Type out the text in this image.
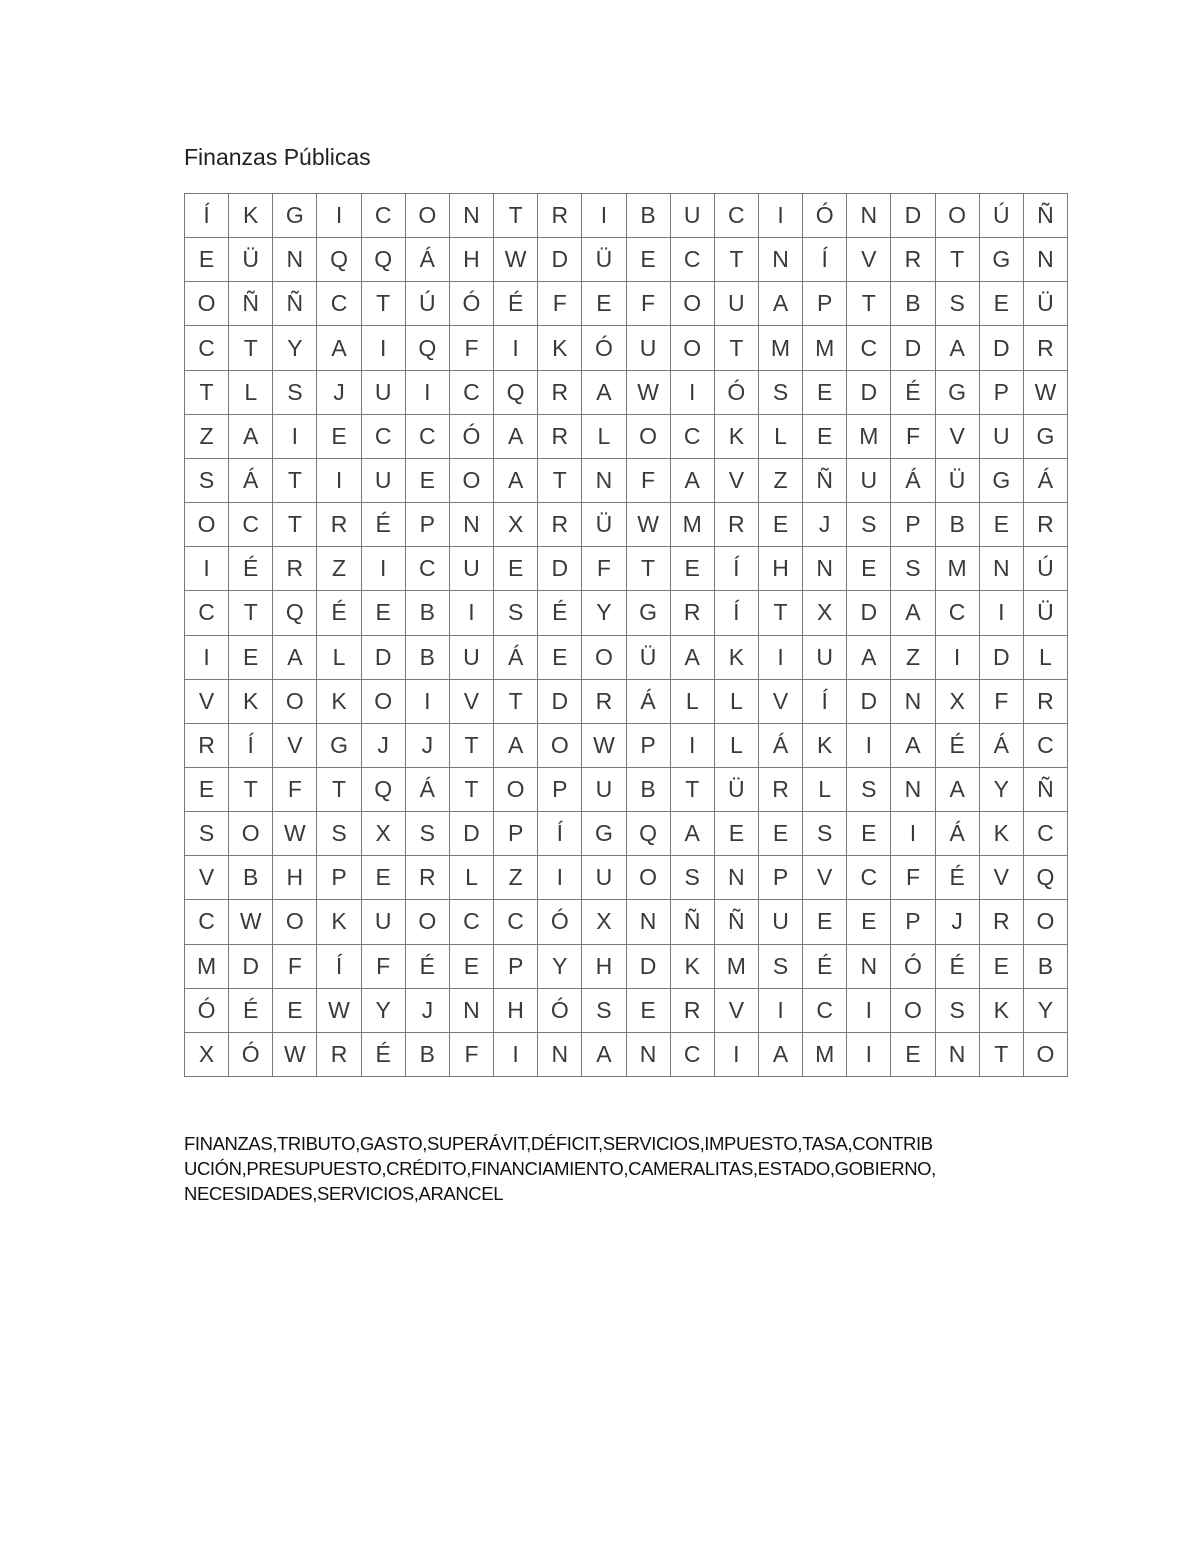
Finanzas Públicas
Í	K	G	I	C	O	N	T	R	I	B	U	C	I	Ó	N	D	O	Ú	Ñ
E	Ü	N	Q	Q	Á	H	W	D	Ü	E	C	T	N	Í	V	R	T	G	N
O	Ñ	Ñ	C	T	Ú	Ó	É	F	E	F	O	U	A	P	T	B	S	E	Ü
C	T	Y	A	I	Q	F	I	K	Ó	U	O	T	M	M	C	D	A	D	R
T	L	S	J	U	I	C	Q	R	A	W	I	Ó	S	E	D	É	G	P	W
Z	A	I	E	C	C	Ó	A	R	L	O	C	K	L	E	M	F	V	U	G
S	Á	T	I	U	E	O	A	T	N	F	A	V	Z	Ñ	U	Á	Ü	G	Á
O	C	T	R	É	P	N	X	R	Ü	W	M	R	E	J	S	P	B	E	R
I	É	R	Z	I	C	U	E	D	F	T	E	Í	H	N	E	S	M	N	Ú
C	T	Q	É	E	B	I	S	É	Y	G	R	Í	T	X	D	A	C	I	Ü
I	E	A	L	D	B	U	Á	E	O	Ü	A	K	I	U	A	Z	I	D	L
V	K	O	K	O	I	V	T	D	R	Á	L	L	V	Í	D	N	X	F	R
R	Í	V	G	J	J	T	A	O	W	P	I	L	Á	K	I	A	É	Á	C
E	T	F	T	Q	Á	T	O	P	U	B	T	Ü	R	L	S	N	A	Y	Ñ
S	O	W	S	X	S	D	P	Í	G	Q	A	E	E	S	E	I	Á	K	C
V	B	H	P	E	R	L	Z	I	U	O	S	N	P	V	C	F	É	V	Q
C	W	O	K	U	O	C	C	Ó	X	N	Ñ	Ñ	U	E	E	P	J	R	O
M	D	F	Í	F	É	E	P	Y	H	D	K	M	S	É	N	Ó	É	E	B
Ó	É	E	W	Y	J	N	H	Ó	S	E	R	V	I	C	I	O	S	K	Y
X	Ó	W	R	É	B	F	I	N	A	N	C	I	A	M	I	E	N	T	O
FINANZAS,TRIBUTO,GASTO,SUPERÁVIT,DÉFICIT,SERVICIOS,IMPUESTO,TASA,CONTRIB
UCIÓN,PRESUPUESTO,CRÉDITO,FINANCIAMIENTO,CAMERALITAS,ESTADO,GOBIERNO,
NECESIDADES,SERVICIOS,ARANCEL
